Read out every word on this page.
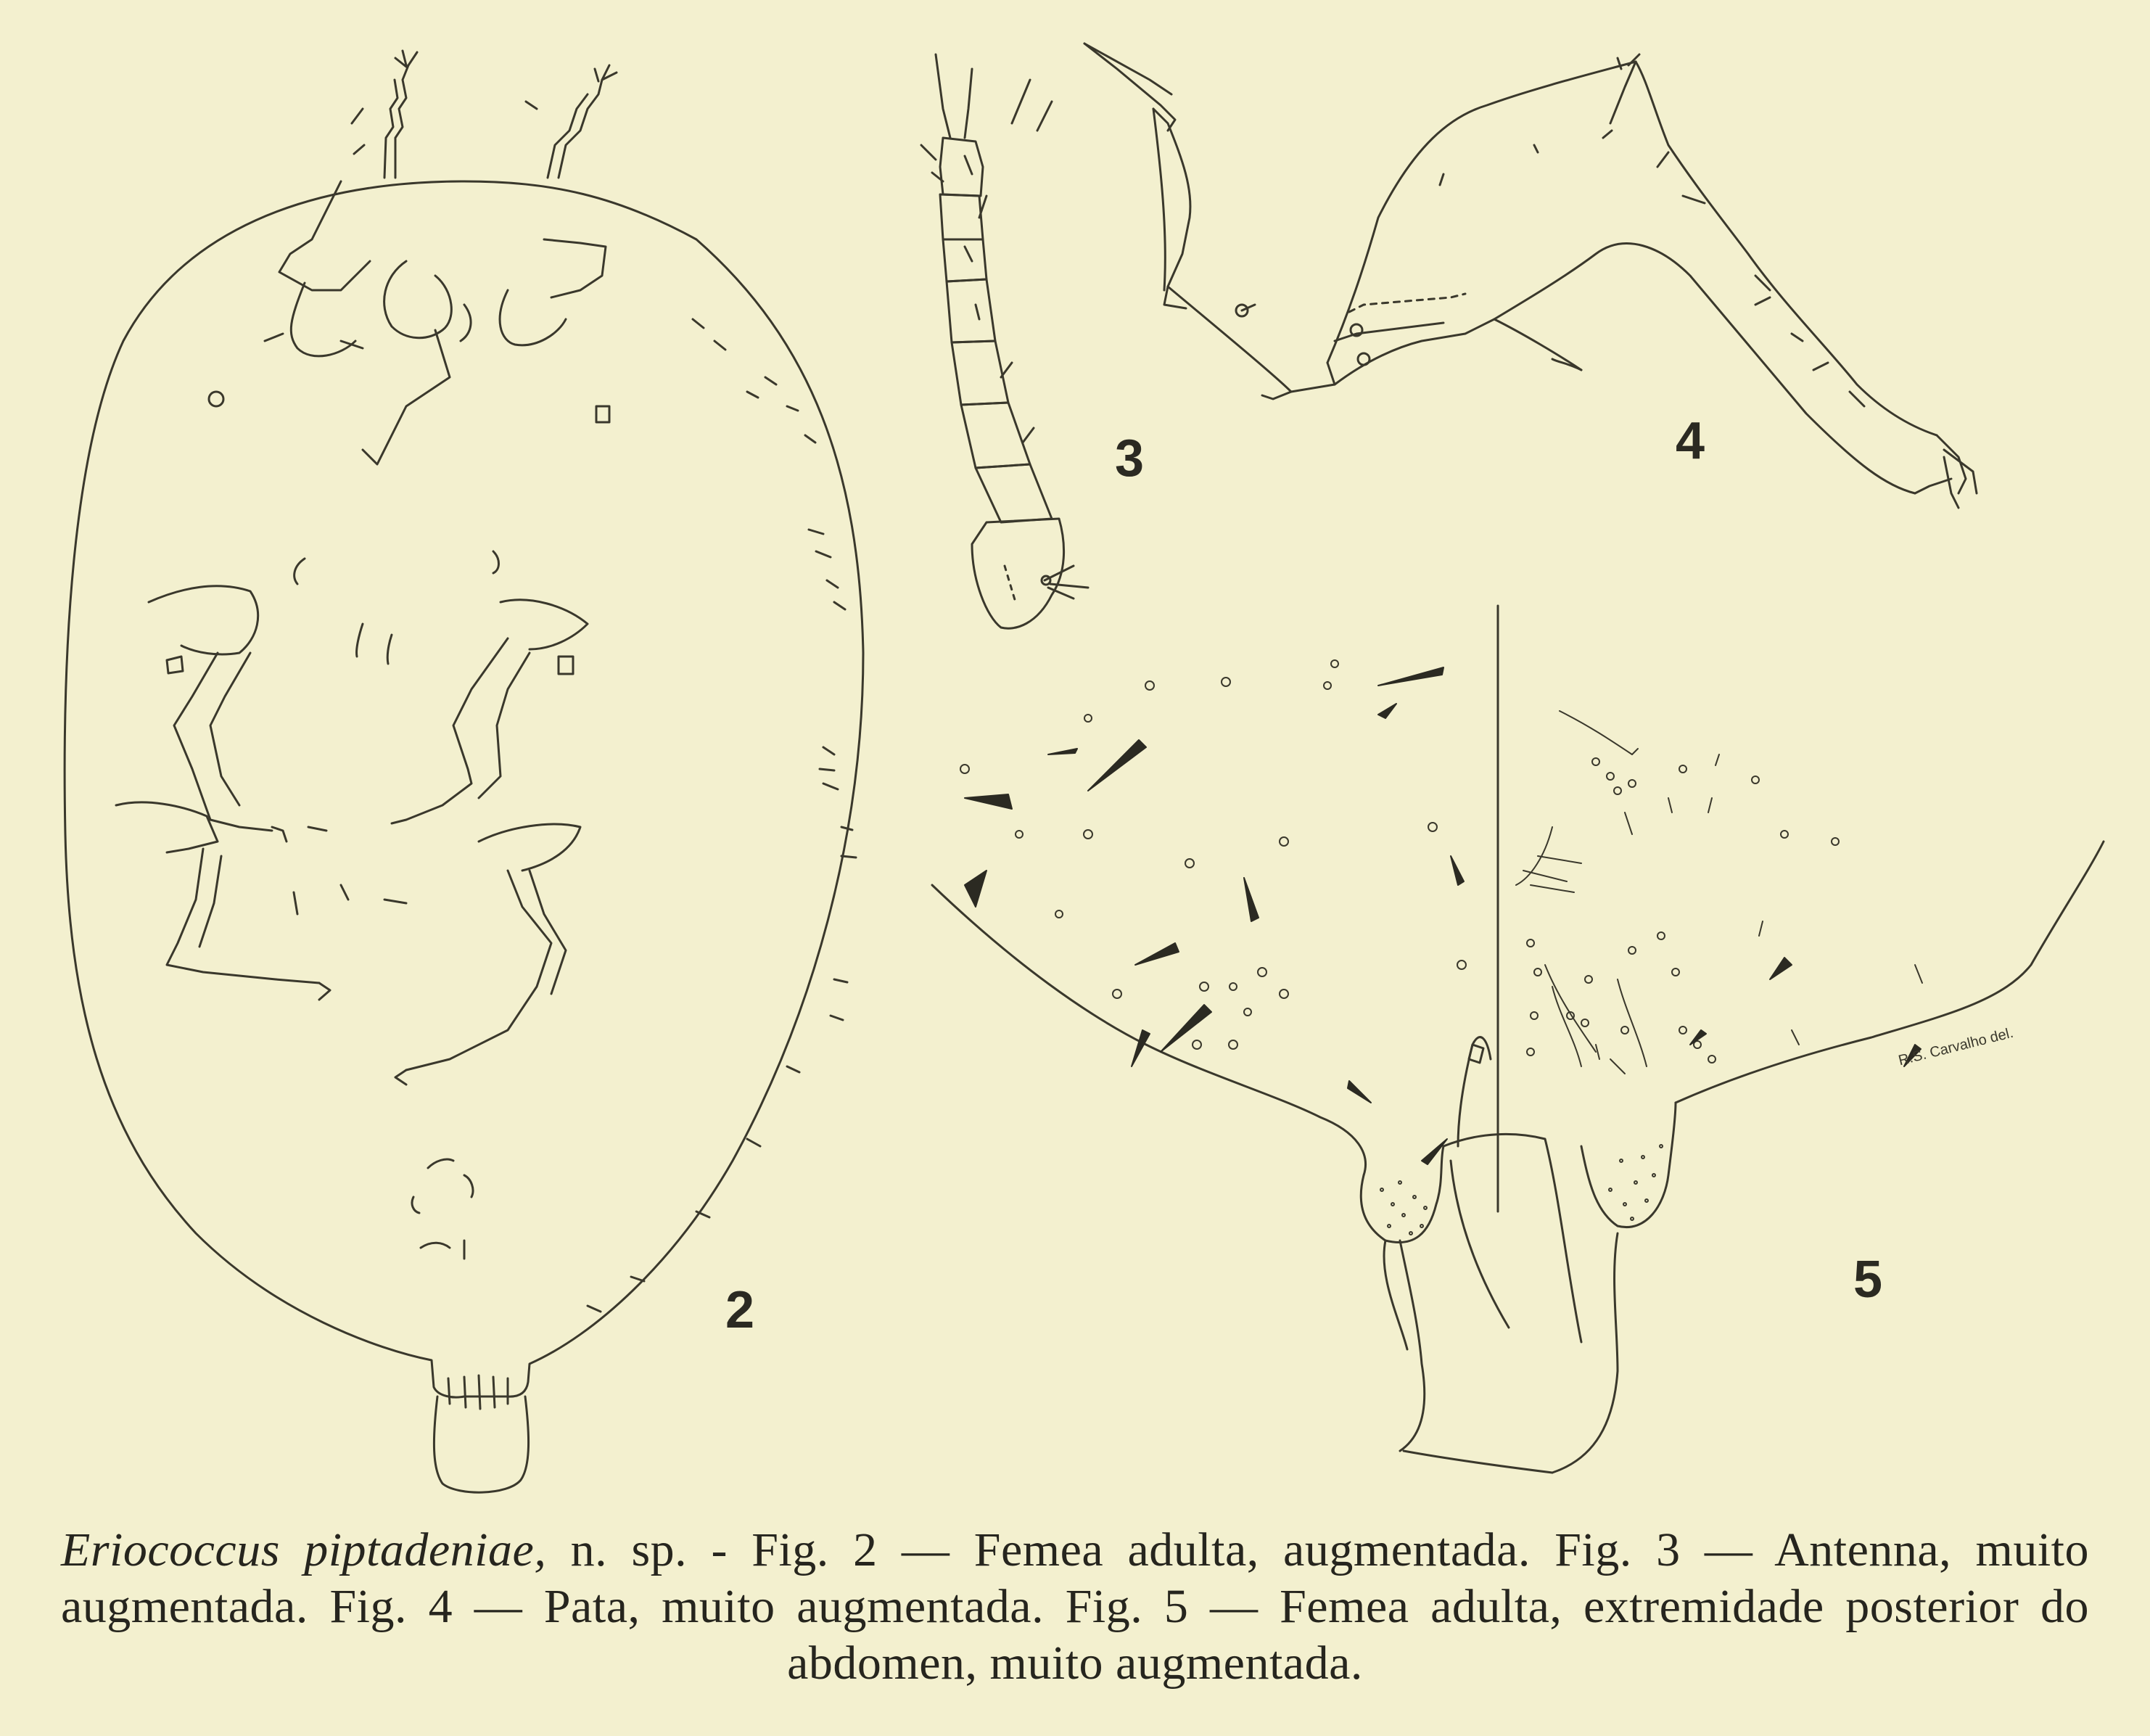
2
3	4
5
R.S. Carvalho del.
Eriococcus piptadeniae, n. sp. - Fig. 2 — Femea adulta, augmentada. Fig. 3 — Antenna, muito augmentada. Fig. 4 — Pata, muito augmentada. Fig. 5 — Femea adulta, extremidade posterior do abdomen, muito augmentada.
